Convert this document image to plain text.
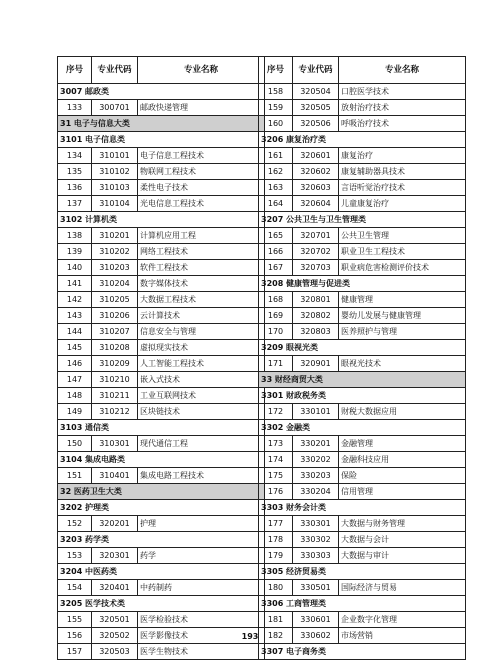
序号	专业代码	专业名称
3007 邮政类		
133	300701	邮政快递管理
31 电子与信息大类		
3101 电子信息类		
134	310101	电子信息工程技术
135	310102	物联网工程技术
136	310103	柔性电子技术
137	310104	光电信息工程技术
3102 计算机类		
138	310201	计算机应用工程
139	310202	网络工程技术
140	310203	软件工程技术
141	310204	数字媒体技术
142	310205	大数据工程技术
143	310206	云计算技术
144	310207	信息安全与管理
145	310208	虚拟现实技术
146	310209	人工智能工程技术
147	310210	嵌入式技术
148	310211	工业互联网技术
149	310212	区块链技术
3103 通信类		
150	310301	现代通信工程
3104 集成电路类		
151	310401	集成电路工程技术
32 医药卫生大类		
3202 护理类		
152	320201	护理
3203 药学类		
153	320301	药学
3204 中医药类		
154	320401	中药制药
3205 医学技术类		
155	320501	医学检验技术
156	320502	医学影像技术
157	320503	医学生物技术
序号	专业代码	专业名称
158	320504	口腔医学技术
159	320505	放射治疗技术
160	320506	呼吸治疗技术
3206 康复治疗类		
161	320601	康复治疗
162	320602	康复辅助器具技术
163	320603	言语听觉治疗技术
164	320604	儿童康复治疗
3207 公共卫生与卫生管理类		
165	320701	公共卫生管理
166	320702	职业卫生工程技术
167	320703	职业病危害检测评价技术
3208 健康管理与促进类		
168	320801	健康管理
169	320802	婴幼儿发展与健康管理
170	320803	医养照护与管理
3209 眼视光类		
171	320901	眼视光技术
33 财经商贸大类		
3301 财政税务类		
172	330101	财税大数据应用
3302 金融类		
173	330201	金融管理
174	330202	金融科技应用
175	330203	保险
176	330204	信用管理
3303 财务会计类		
177	330301	大数据与财务管理
178	330302	大数据与会计
179	330303	大数据与审计
3305 经济贸易类		
180	330501	国际经济与贸易
3306 工商管理类		
181	330601	企业数字化管理
182	330602	市场营销
3307 电子商务类		
193
